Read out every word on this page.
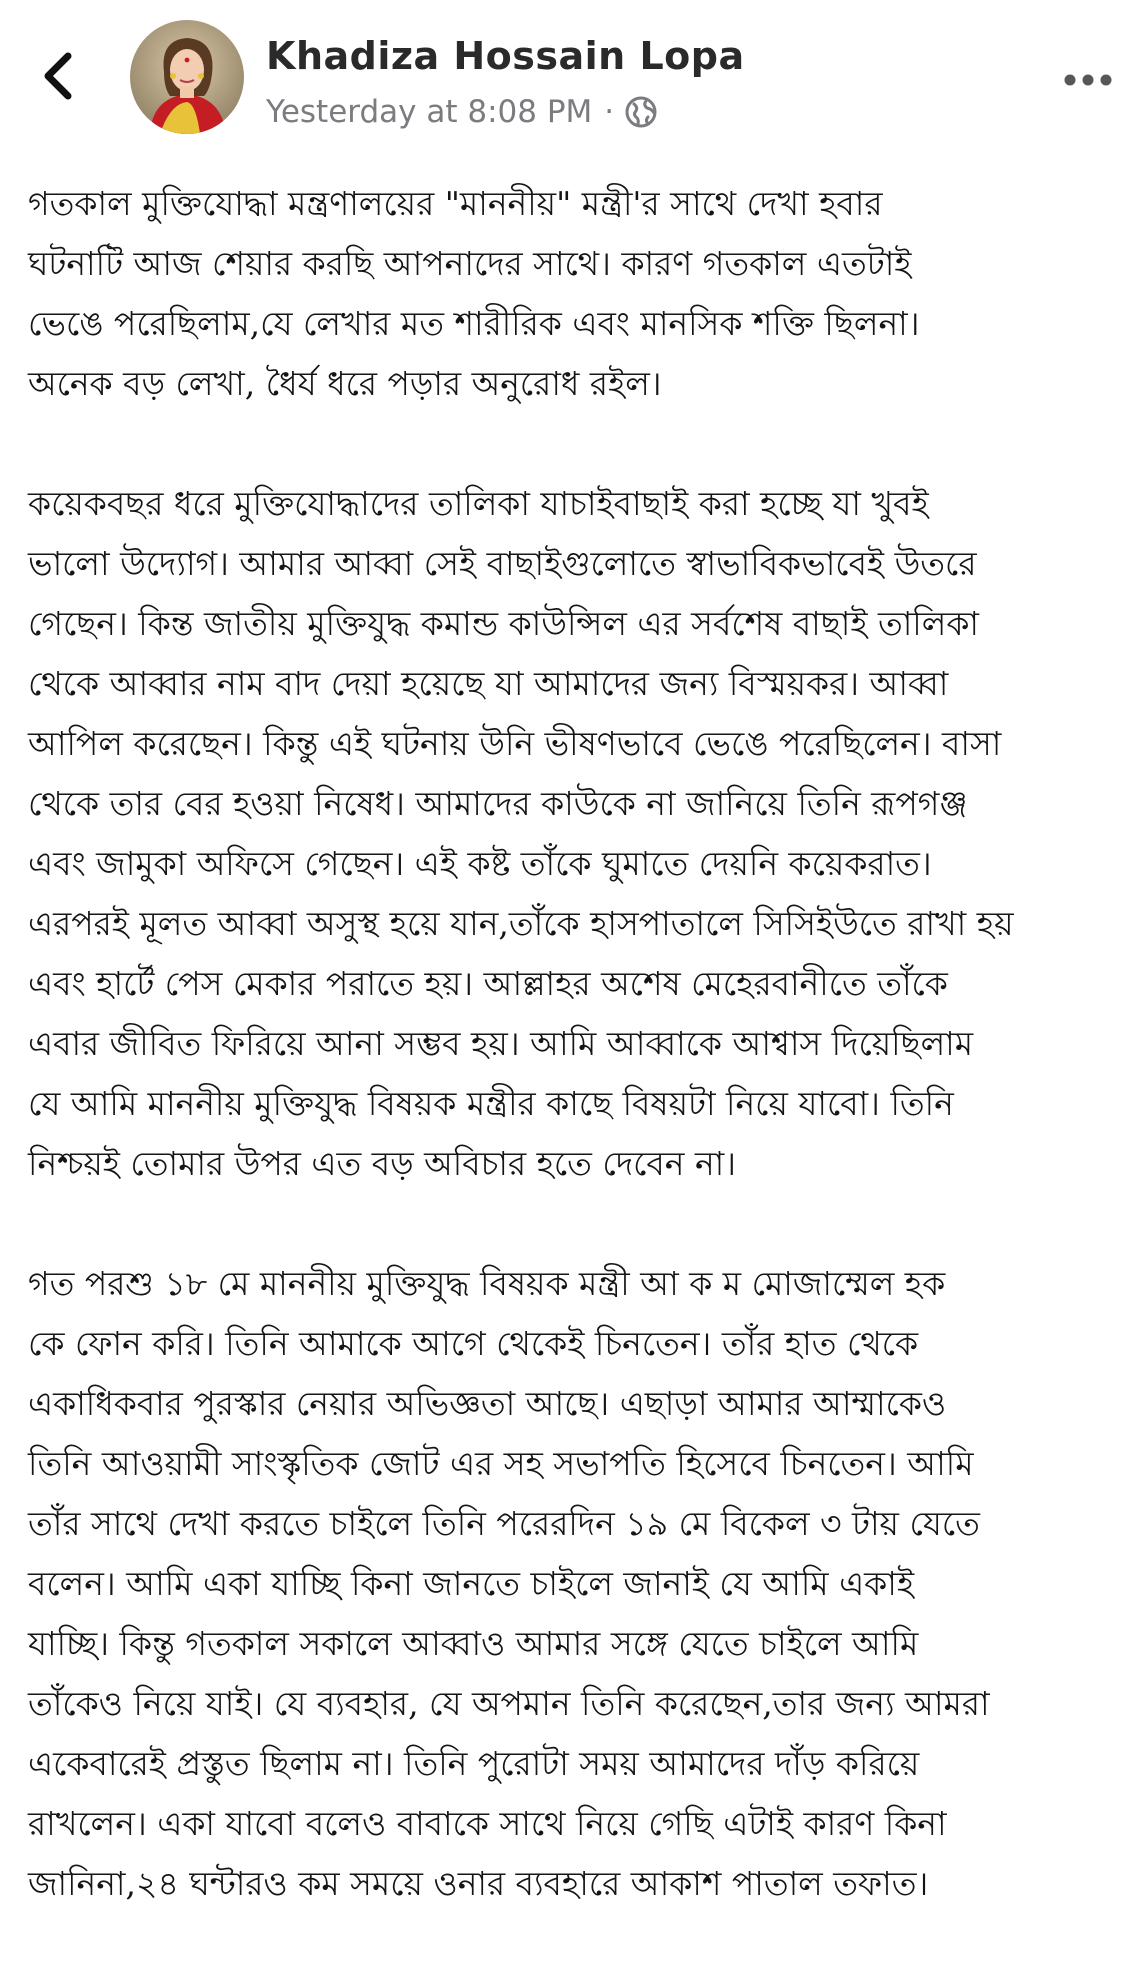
Khadiza Hossain Lopa
Yesterday at 8:08 PM ·

গতকাল মুক্তিযোদ্ধা মন্ত্রণালয়ের "মাননীয়" মন্ত্রী'র সাথে দেখা হবার
ঘটনাটি আজ শেয়ার করছি আপনাদের সাথে। কারণ গতকাল এতটাই
ভেঙে পরেছিলাম,যে লেখার মত শারীরিক এবং মানসিক শক্তি ছিলনা।
অনেক বড় লেখা, ধৈর্য ধরে পড়ার অনুরোধ রইল।

কয়েকবছর ধরে মুক্তিযোদ্ধাদের তালিকা যাচাইবাছাই করা হচ্ছে যা খুবই
ভালো উদ্যোগ। আমার আব্বা সেই বাছাইগুলোতে স্বাভাবিকভাবেই উতরে
গেছেন। কিন্ত জাতীয় মুক্তিযুদ্ধ কমান্ড কাউন্সিল এর সর্বশেষ বাছাই তালিকা
থেকে আব্বার নাম বাদ দেয়া হয়েছে যা আমাদের জন্য বিস্ময়কর। আব্বা
আপিল করেছেন। কিন্তু এই ঘটনায় উনি ভীষণভাবে ভেঙে পরেছিলেন। বাসা
থেকে তার বের হওয়া নিষেধ। আমাদের কাউকে না জানিয়ে তিনি রূপগঞ্জ
এবং জামুকা অফিসে গেছেন। এই কষ্ট তাঁকে ঘুমাতে দেয়নি কয়েকরাত।
এরপরই মূলত আব্বা অসুস্থ হয়ে যান,তাঁকে হাসপাতালে সিসিইউতে রাখা হয়
এবং হার্টে পেস মেকার পরাতে হয়। আল্লাহর অশেষ মেহেরবানীতে তাঁকে
এবার জীবিত ফিরিয়ে আনা সম্ভব হয়। আমি আব্বাকে আশ্বাস দিয়েছিলাম
যে আমি মাননীয় মুক্তিযুদ্ধ বিষয়ক মন্ত্রীর কাছে বিষয়টা নিয়ে যাবো। তিনি
নিশ্চয়ই তোমার উপর এত বড় অবিচার হতে দেবেন না।

গত পরশু ১৮ মে মাননীয় মুক্তিযুদ্ধ বিষয়ক মন্ত্রী আ ক ম মোজাম্মেল হক
কে ফোন করি। তিনি আমাকে আগে থেকেই চিনতেন। তাঁর হাত থেকে
একাধিকবার পুরস্কার নেয়ার অভিজ্ঞতা আছে। এছাড়া আমার আম্মাকেও
তিনি আওয়ামী সাংস্কৃতিক জোট এর সহ সভাপতি হিসেবে চিনতেন। আমি
তাঁর সাথে দেখা করতে চাইলে তিনি পরেরদিন ১৯ মে বিকেল ৩ টায় যেতে
বলেন। আমি একা যাচ্ছি কিনা জানতে চাইলে জানাই যে আমি একাই
যাচ্ছি। কিন্তু গতকাল সকালে আব্বাও আমার সঙ্গে যেতে চাইলে আমি
তাঁকেও নিয়ে যাই। যে ব্যবহার, যে অপমান তিনি করেছেন,তার জন্য আমরা
একেবারেই প্রস্তুত ছিলাম না। তিনি পুরোটা সময় আমাদের দাঁড় করিয়ে
রাখলেন। একা যাবো বলেও বাবাকে সাথে নিয়ে গেছি এটাই কারণ কিনা
জানিনা,২৪ ঘন্টারও কম সময়ে ওনার ব্যবহারে আকাশ পাতাল তফাত।
